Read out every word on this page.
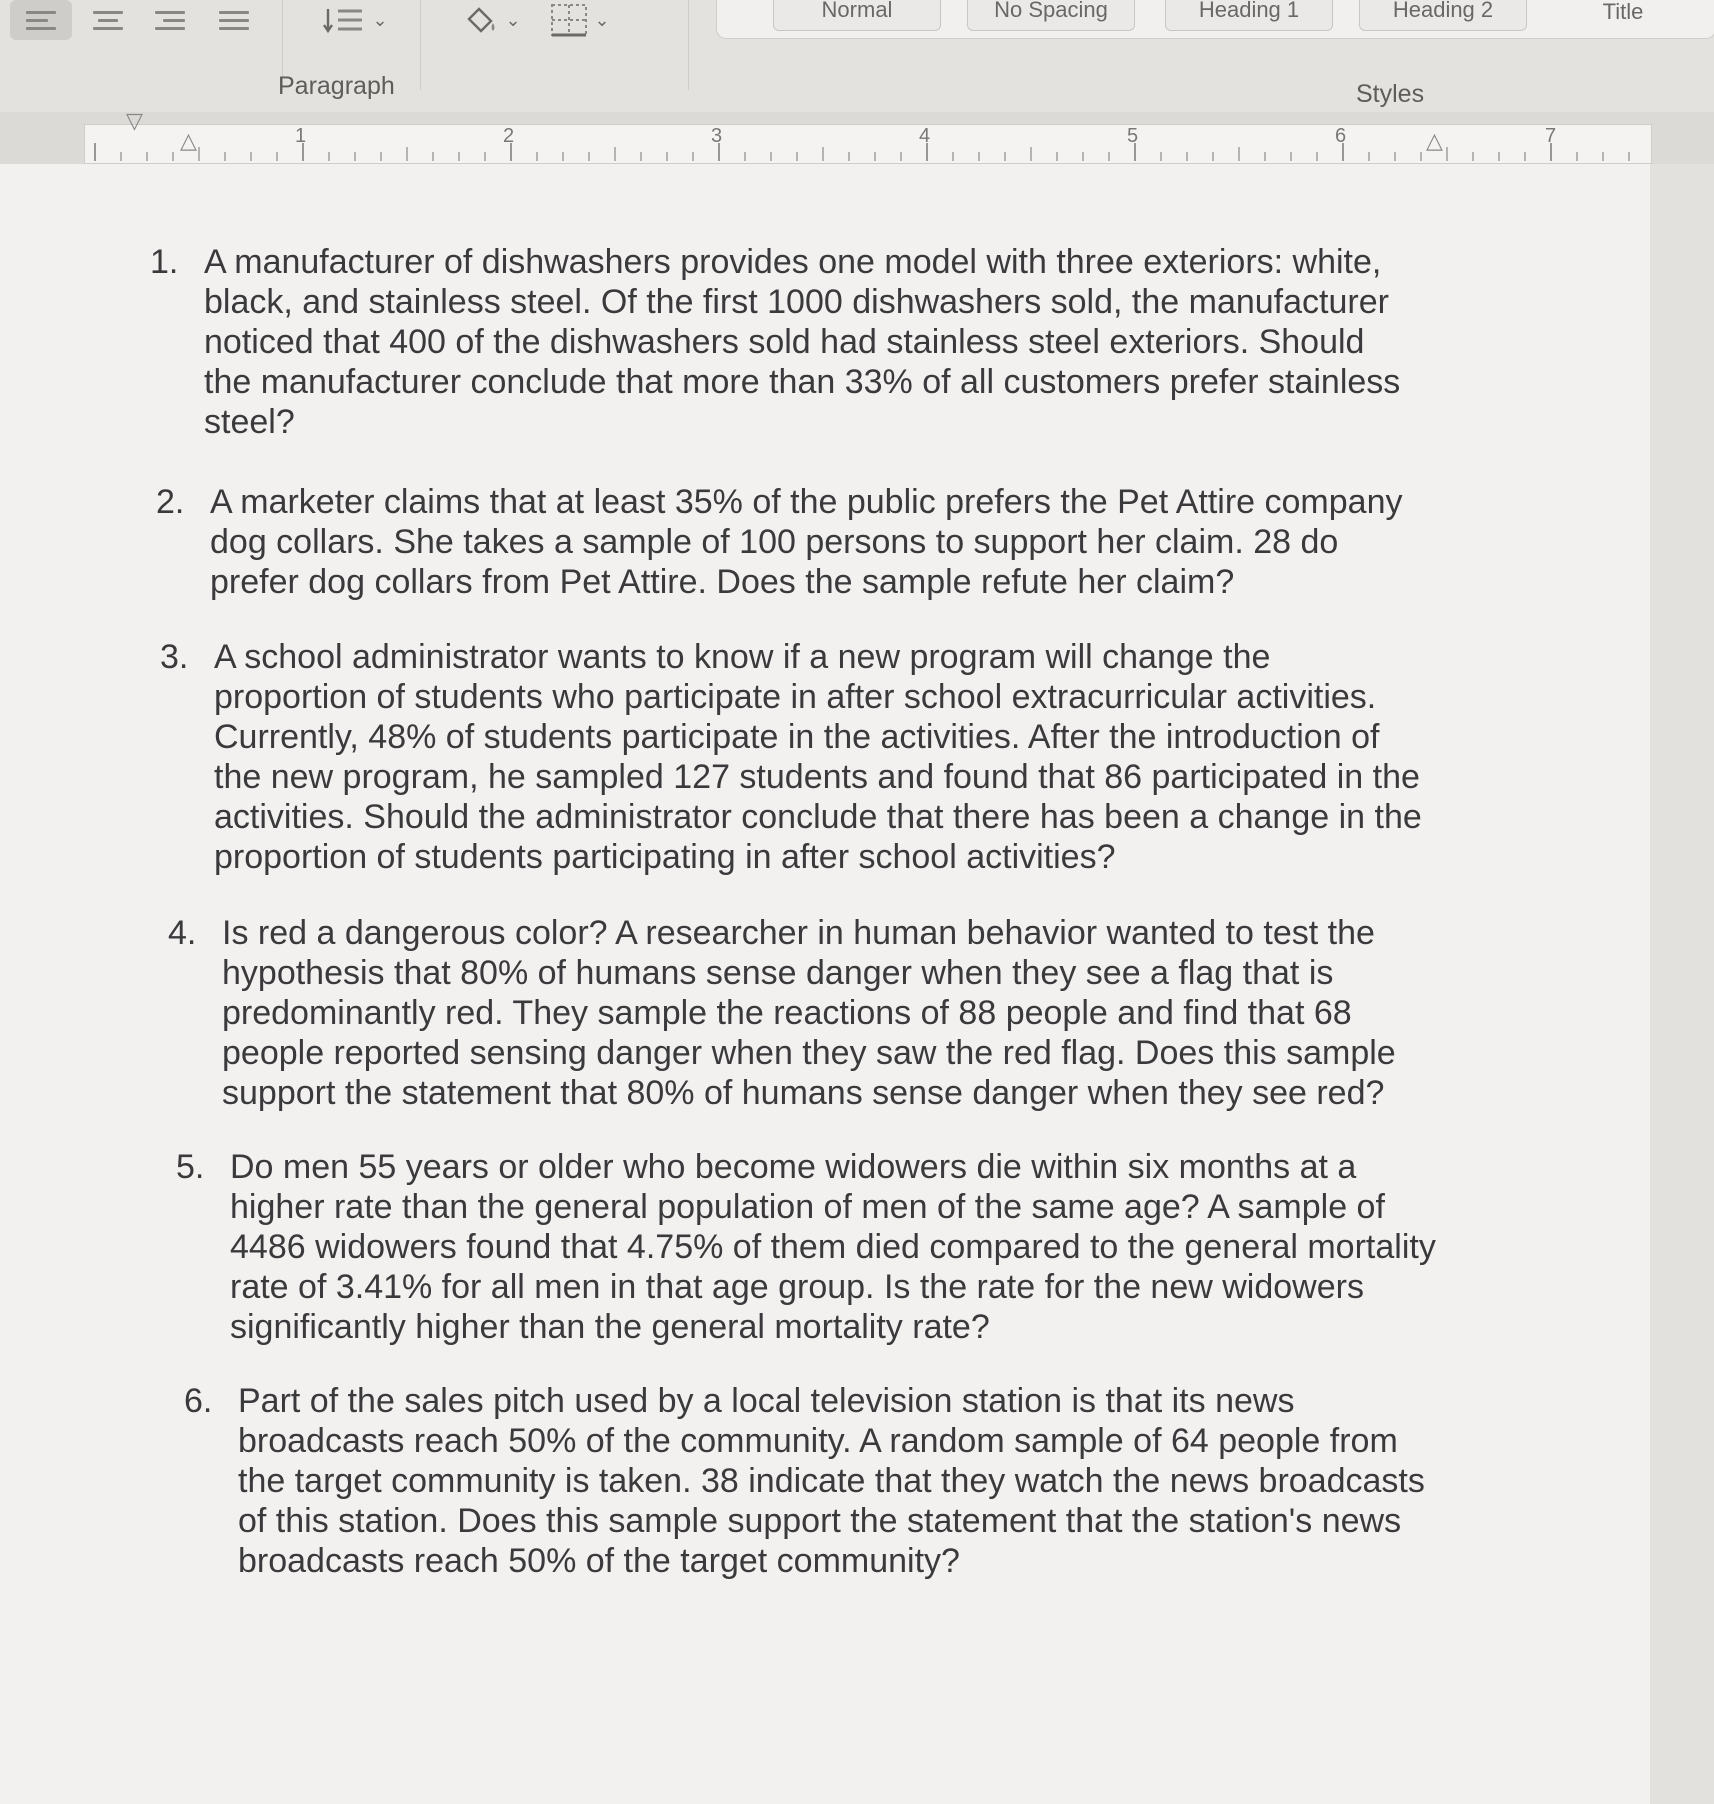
⌄	⌄	⌄
Paragraph
Normal	No Spacing	Heading 1	Heading 2	Title
Styles
1	2	3	4	5	6	7
▽
△	△
1. A manufacturer of dishwashers provides one model with three exteriors: white, black, and stainless steel. Of the first 1000 dishwashers sold, the manufacturer noticed that 400 of the dishwashers sold had stainless steel exteriors. Should the manufacturer conclude that more than 33% of all customers prefer stainless steel?
2. A marketer claims that at least 35% of the public prefers the Pet Attire company dog collars. She takes a sample of 100 persons to support her claim. 28 do prefer dog collars from Pet Attire. Does the sample refute her claim?
3. A school administrator wants to know if a new program will change the proportion of students who participate in after school extracurricular activities. Currently, 48% of students participate in the activities. After the introduction of the new program, he sampled 127 students and found that 86 participated in the activities. Should the administrator conclude that there has been a change in the proportion of students participating in after school activities?
4. Is red a dangerous color? A researcher in human behavior wanted to test the hypothesis that 80% of humans sense danger when they see a flag that is predominantly red. They sample the reactions of 88 people and find that 68 people reported sensing danger when they saw the red flag. Does this sample support the statement that 80% of humans sense danger when they see red?
5. Do men 55 years or older who become widowers die within six months at a higher rate than the general population of men of the same age? A sample of 4486 widowers found that 4.75% of them died compared to the general mortality rate of 3.41% for all men in that age group. Is the rate for the new widowers significantly higher than the general mortality rate?
6. Part of the sales pitch used by a local television station is that its news broadcasts reach 50% of the community. A random sample of 64 people from the target community is taken. 38 indicate that they watch the news broadcasts of this station. Does this sample support the statement that the station's news broadcasts reach 50% of the target community?
